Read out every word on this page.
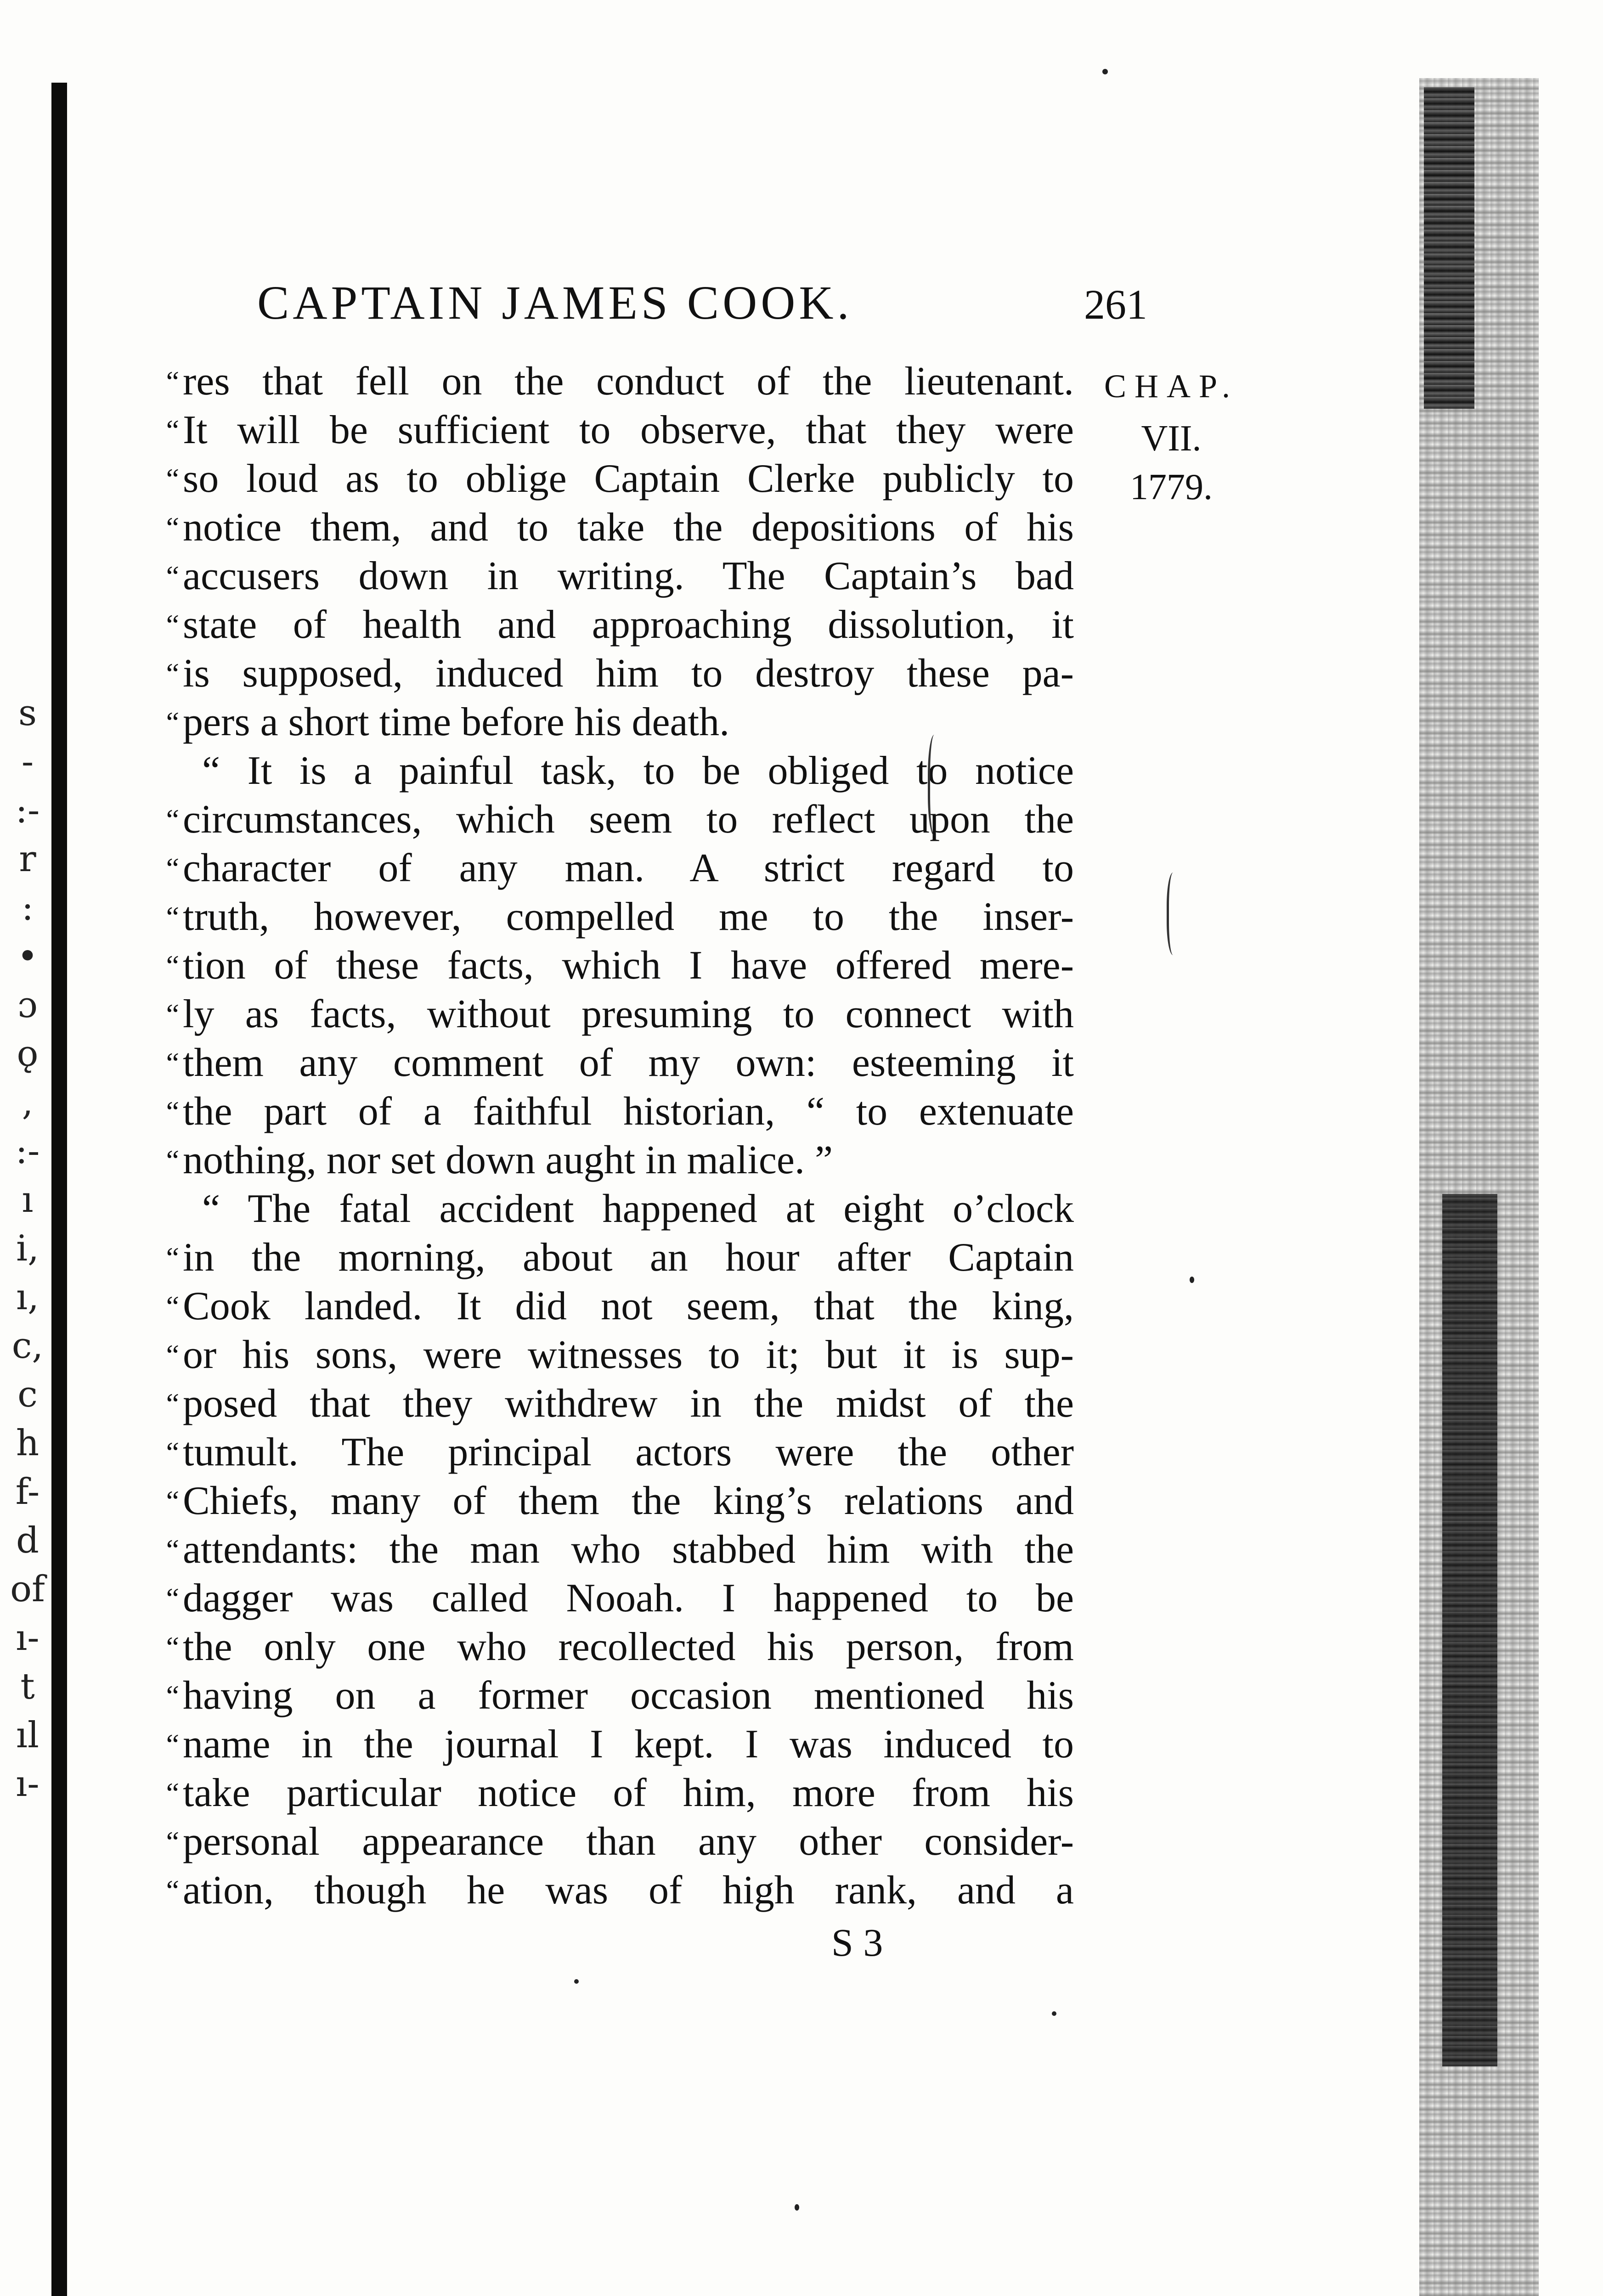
s
-
:-
r
:
•
ɔ
ǫ
,
:-
ı
i,
ı,
c,
c
h
f-
d
of
ı-
t
ıl
ı-
CAPTAIN JAMES COOK.	261
CHAP.
VII.
1779.
“ res that fell on the conduct of the lieutenant.
“ It will be sufficient to observe, that they were
“ so loud as to oblige Captain Clerke publicly to
“ notice them, and to take the depositions of his
“ accusers down in writing. The Captain’s bad
“ state of health and approaching dissolution, it
“ is supposed, induced him to destroy these pa-
“ pers a short time before his death.
“ It is a painful task, to be obliged to notice
“ circumstances, which seem to reflect upon the
“ character of any man. A strict regard to
“ truth, however, compelled me to the inser-
“ tion of these facts, which I have offered mere-
“ ly as facts, without presuming to connect with
“ them any comment of my own: esteeming it
“ the part of a faithful historian, “ to extenuate
“ nothing, nor set down aught in malice. ”
“ The fatal accident happened at eight o’clock
“ in the morning, about an hour after Captain
“ Cook landed. It did not seem, that the king,
“ or his sons, were witnesses to it; but it is sup-
“ posed that they withdrew in the midst of the
“ tumult. The principal actors were the other
“ Chiefs, many of them the king’s relations and
“ attendants: the man who stabbed him with the
“ dagger was called Nooah. I happened to be
“ the only one who recollected his person, from
“ having on a former occasion mentioned his
“ name in the journal I kept. I was induced to
“ take particular notice of him, more from his
“ personal appearance than any other consider-
“ ation, though he was of high rank, and a
S 3
